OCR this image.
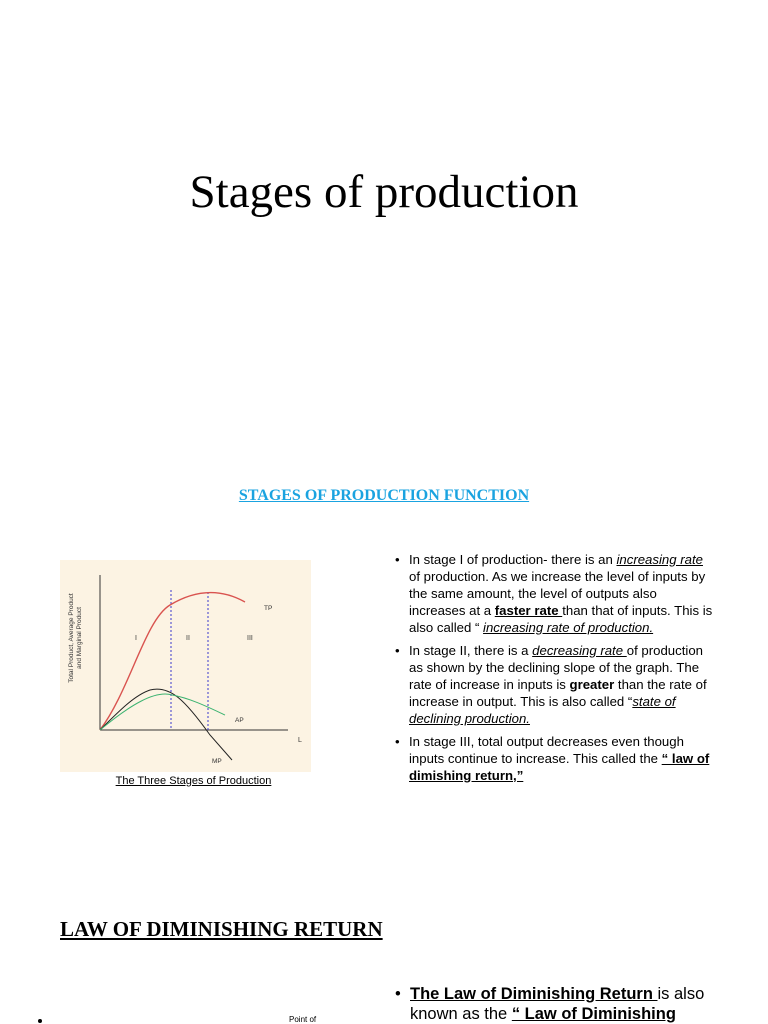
Stages of production
STAGES OF PRODUCTION FUNCTION
Total Product, Average Product and Marginal Product
L
I	II	III
TP
AP
MP
The Three Stages of Production
• In stage I of production- there is an increasing rate of production. As we increase the level of inputs by the same amount, the level of outputs also increases at a faster rate than that of inputs. This is also called “ increasing rate of production.
• In stage II, there is a decreasing rate of production as shown by the declining slope of the graph. The rate of increase in inputs is greater than the rate of increase in output. This is also called “state of declining production.
• In stage III, total output decreases even though inputs continue to increase. This called the “ law of dimishing return,”
LAW OF DIMINISHING RETURN
• The Law of Diminishing Return is also known as the “ Law of Diminishing
Point of
